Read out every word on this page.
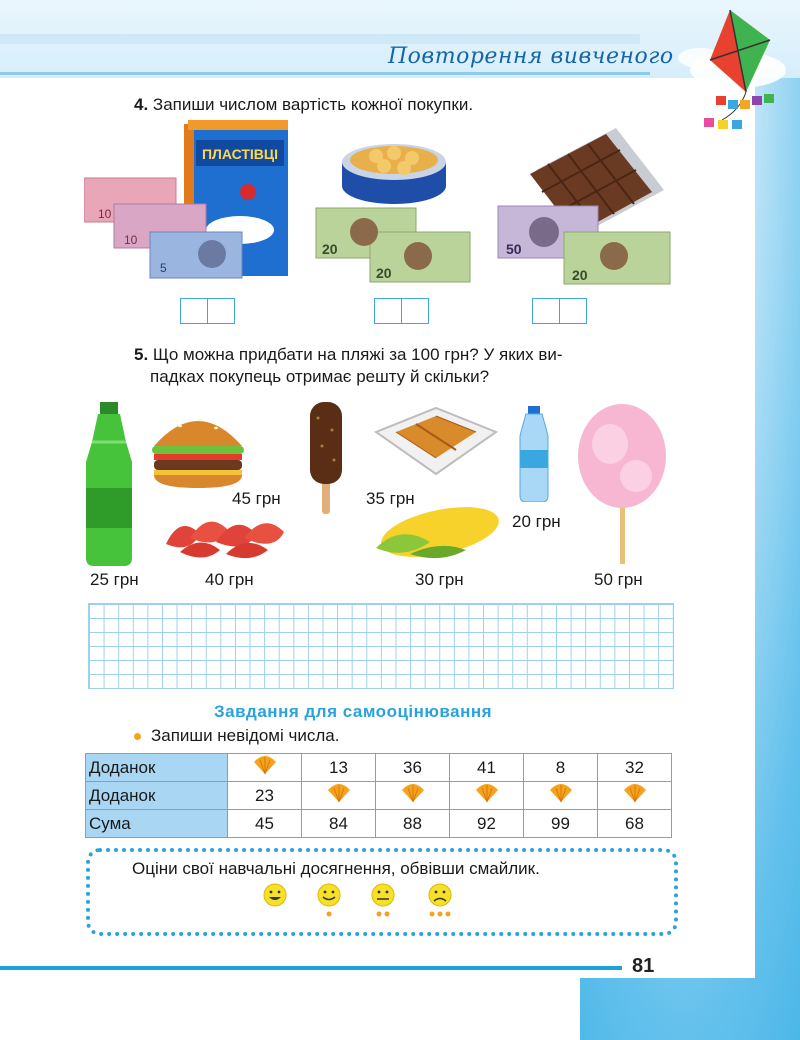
Повторення вивченого
4. Запиши числом вартість кожної покупки.
ПЛАСТІВЦІ
10
10
5
20
20
50
20
5. Що можна придбати на пляжі за 100 грн? У яких ви-
падках покупець отримає решту й скільки?
25 грн
45 грн
40 грн
35 грн
30 грн
20 грн
50 грн
Завдання для самооцінювання
Запиши невідомі числа.
Доданок		13	36	41	8	32
Доданок	23					
Сума	45	84	88	92	99	68
Оціни свої навчальні досягнення, обвівши смайлик.
81
